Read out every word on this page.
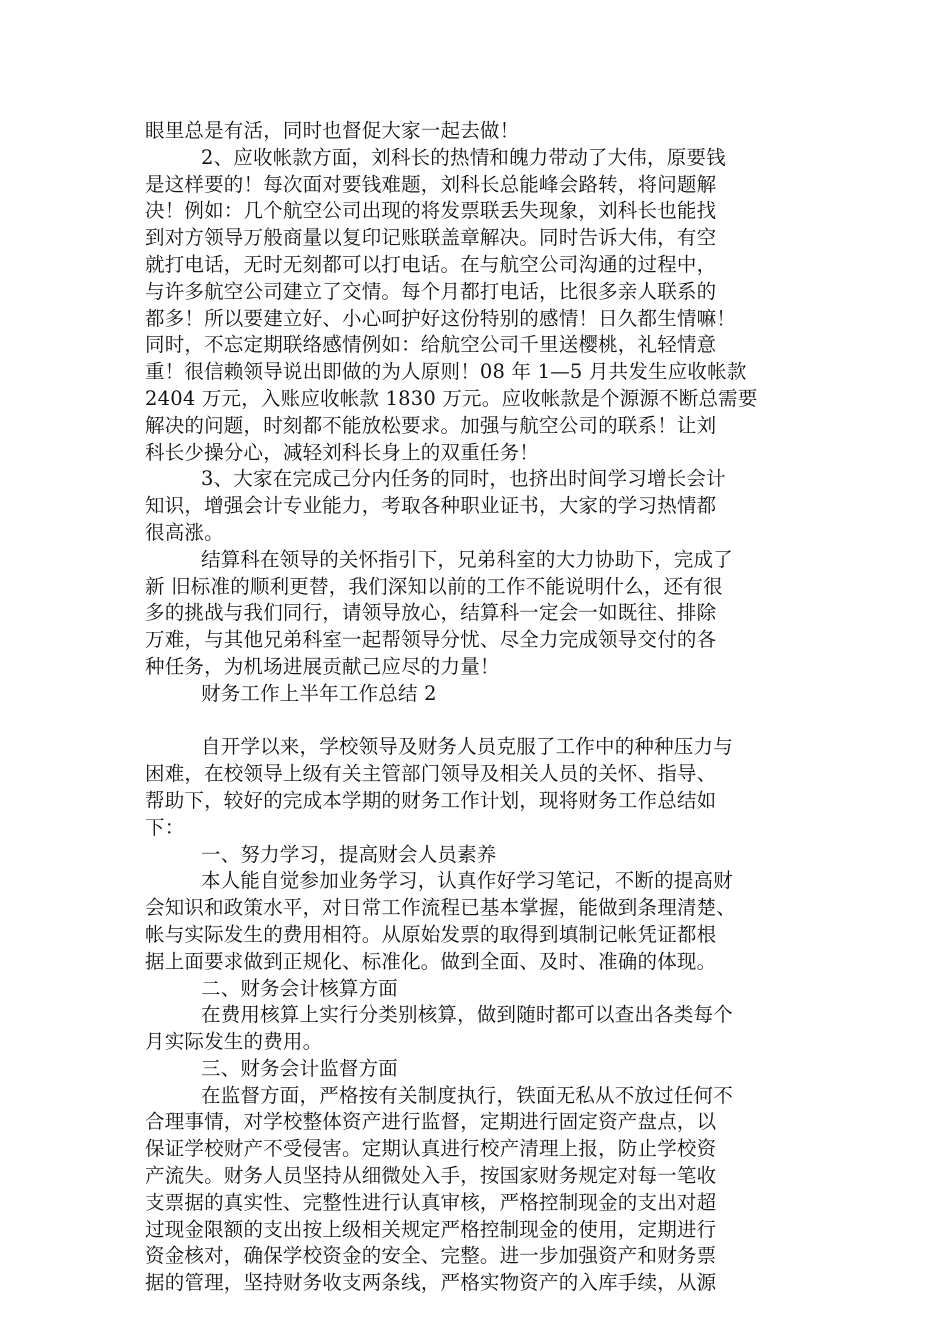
眼里总是有活，同时也督促大家一起去做！
2、应收帐款方面，刘科长的热情和魄力带动了大伟，原要钱
是这样要的！每次面对要钱难题，刘科长总能峰会路转，将问题解
决！例如：几个航空公司出现的将发票联丢失现象，刘科长也能找
到对方领导万般商量以复印记账联盖章解决。同时告诉大伟，有空
就打电话，无时无刻都可以打电话。在与航空公司沟通的过程中，
与许多航空公司建立了交情。每个月都打电话，比很多亲人联系的
都多！所以要建立好、小心呵护好这份特别的感情！日久都生情嘛！
同时，不忘定期联络感情例如：给航空公司千里送樱桃，礼轻情意
重！很信赖领导说出即做的为人原则！08 年 1—5 月共发生应收帐款
2404 万元，入账应收帐款 1830 万元。应收帐款是个源源不断总需要
解决的问题，时刻都不能放松要求。加强与航空公司的联系！让刘
科长少操分心，减轻刘科长身上的双重任务！
3、大家在完成己分内任务的同时，也挤出时间学习增长会计
知识，增强会计专业能力，考取各种职业证书，大家的学习热情都
很高涨。
结算科在领导的关怀指引下，兄弟科室的大力协助下，完成了
新 旧标准的顺利更替，我们深知以前的工作不能说明什么，还有很
多的挑战与我们同行，请领导放心，结算科一定会一如既往、排除
万难，与其他兄弟科室一起帮领导分忧、尽全力完成领导交付的各
种任务，为机场进展贡献己应尽的力量！
财务工作上半年工作总结 2
自开学以来，学校领导及财务人员克服了工作中的种种压力与
困难，在校领导上级有关主管部门领导及相关人员的关怀、指导、
帮助下，较好的完成本学期的财务工作计划，现将财务工作总结如
下：
一、努力学习，提高财会人员素养
本人能自觉参加业务学习，认真作好学习笔记，不断的提高财
会知识和政策水平，对日常工作流程已基本掌握，能做到条理清楚、
帐与实际发生的费用相符。从原始发票的取得到填制记帐凭证都根
据上面要求做到正规化、标准化。做到全面、及时、准确的体现。
二、财务会计核算方面
在费用核算上实行分类别核算，做到随时都可以查出各类每个
月实际发生的费用。
三、财务会计监督方面
在监督方面，严格按有关制度执行，铁面无私从不放过任何不
合理事情，对学校整体资产进行监督，定期进行固定资产盘点，以
保证学校财产不受侵害。定期认真进行校产清理上报，防止学校资
产流失。财务人员坚持从细微处入手，按国家财务规定对每一笔收
支票据的真实性、完整性进行认真审核，严格控制现金的支出对超
过现金限额的支出按上级相关规定严格控制现金的使用，定期进行
资金核对，确保学校资金的安全、完整。进一步加强资产和财务票
据的管理，坚持财务收支两条线，严格实物资产的入库手续，从源
